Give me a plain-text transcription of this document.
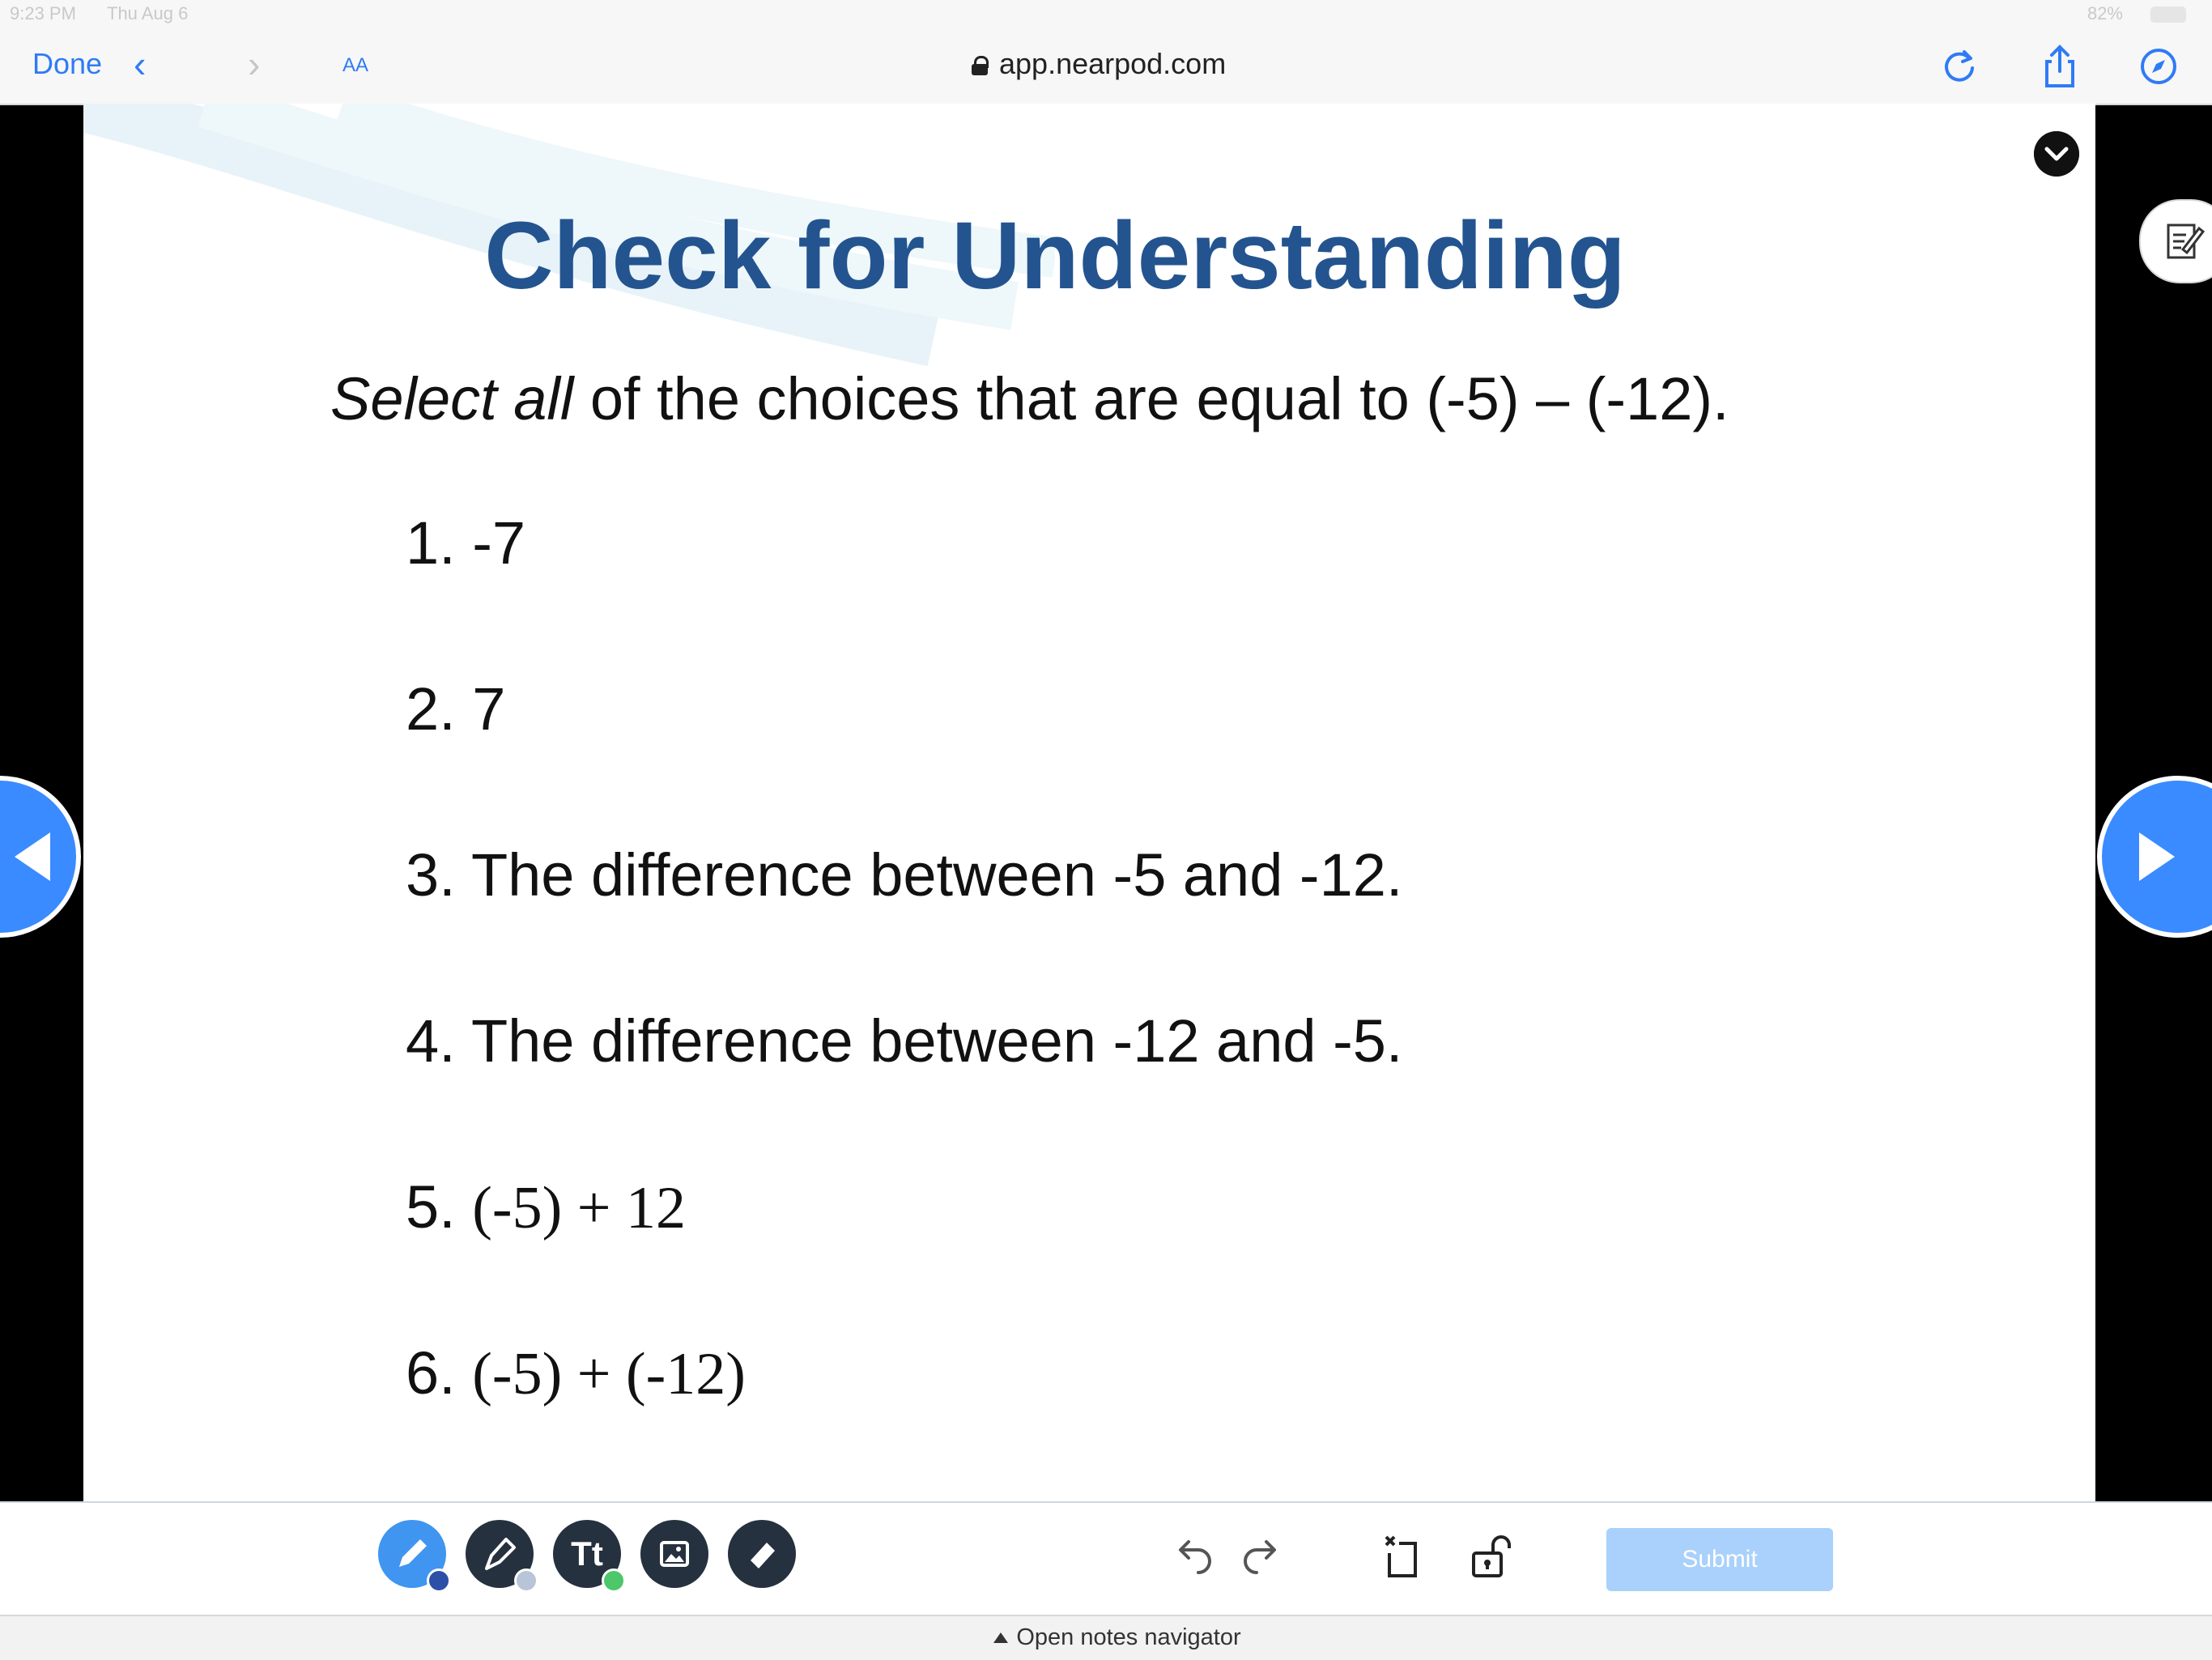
9:23 PM Thu Aug 6	82%
Done ‹	›	AA	app.nearpod.com
Check for Understanding
Select all of the choices that are equal to (-5) – (-12).
1. -7
2. 7
3. The difference between -5 and -12.
4. The difference between -12 and -5.
5. (-5) + 12
6. (-5) + (-12)
Tt	Submit
Open notes navigator
